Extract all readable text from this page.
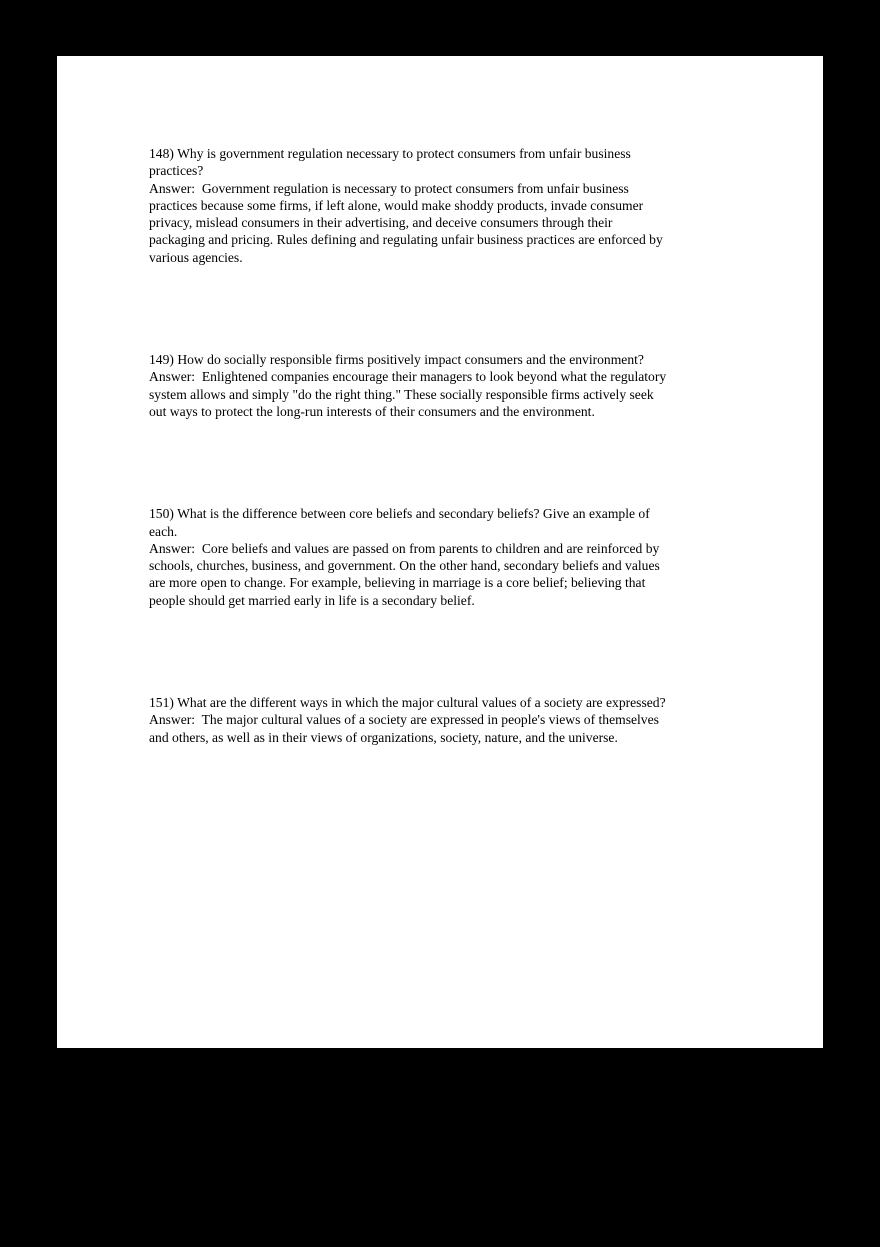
148) Why is government regulation necessary to protect consumers from unfair business
practices?
Answer:  Government regulation is necessary to protect consumers from unfair business
practices because some firms, if left alone, would make shoddy products, invade consumer
privacy, mislead consumers in their advertising, and deceive consumers through their
packaging and pricing. Rules defining and regulating unfair business practices are enforced by
various agencies.
149) How do socially responsible firms positively impact consumers and the environment?
Answer:  Enlightened companies encourage their managers to look beyond what the regulatory
system allows and simply "do the right thing." These socially responsible firms actively seek
out ways to protect the long-run interests of their consumers and the environment.
150) What is the difference between core beliefs and secondary beliefs? Give an example of
each.
Answer:  Core beliefs and values are passed on from parents to children and are reinforced by
schools, churches, business, and government. On the other hand, secondary beliefs and values
are more open to change. For example, believing in marriage is a core belief; believing that
people should get married early in life is a secondary belief.
151) What are the different ways in which the major cultural values of a society are expressed?
Answer:  The major cultural values of a society are expressed in people's views of themselves
and others, as well as in their views of organizations, society, nature, and the universe.
